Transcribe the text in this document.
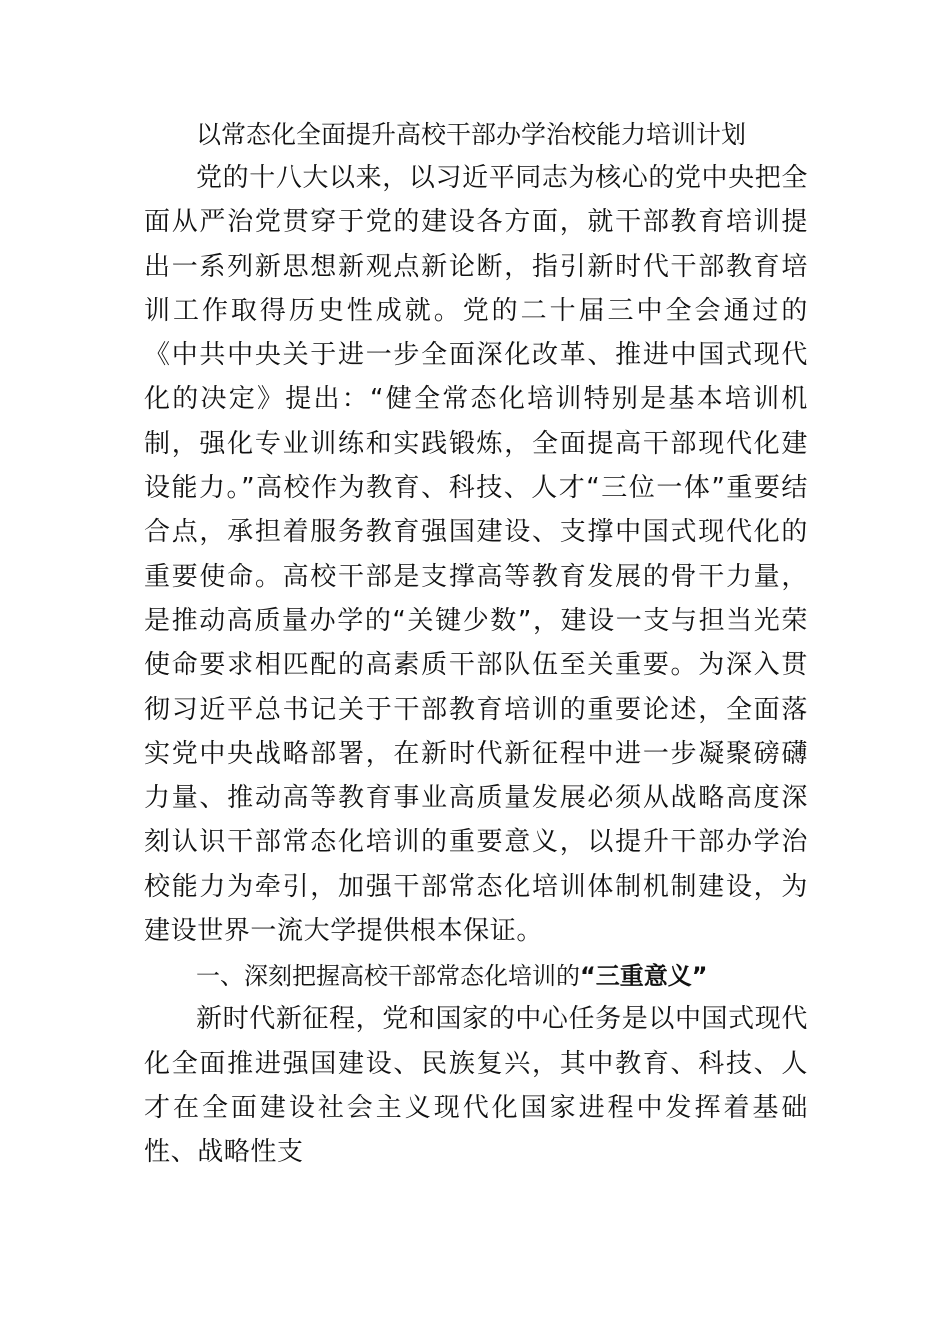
以常态化全面提升高校干部办学治校能力培训计划

党的十八大以来，以习近平同志为核心的党中央把全面从严治党贯穿于党的建设各方面，就干部教育培训提出一系列新思想新观点新论断，指引新时代干部教育培训工作取得历史性成就。党的二十届三中全会通过的《中共中央关于进一步全面深化改革、推进中国式现代化的决定》提出：“健全常态化培训特别是基本培训机制，强化专业训练和实践锻炼，全面提高干部现代化建设能力。”高校作为教育、科技、人才“三位一体”重要结合点，承担着服务教育强国建设、支撑中国式现代化的重要使命。高校干部是支撑高等教育发展的骨干力量，是推动高质量办学的“关键少数”，建设一支与担当光荣使命要求相匹配的高素质干部队伍至关重要。为深入贯彻习近平总书记关于干部教育培训的重要论述，全面落实党中央战略部署，在新时代新征程中进一步凝聚磅礴力量、推动高等教育事业高质量发展必须从战略高度深刻认识干部常态化培训的重要意义，以提升干部办学治校能力为牵引，加强干部常态化培训体制机制建设，为建设世界一流大学提供根本保证。

一、深刻把握高校干部常态化培训的“三重意义”

新时代新征程，党和国家的中心任务是以中国式现代化全面推进强国建设、民族复兴，其中教育、科技、人才在全面建设社会主义现代化国家进程中发挥着基础性、战略性支
